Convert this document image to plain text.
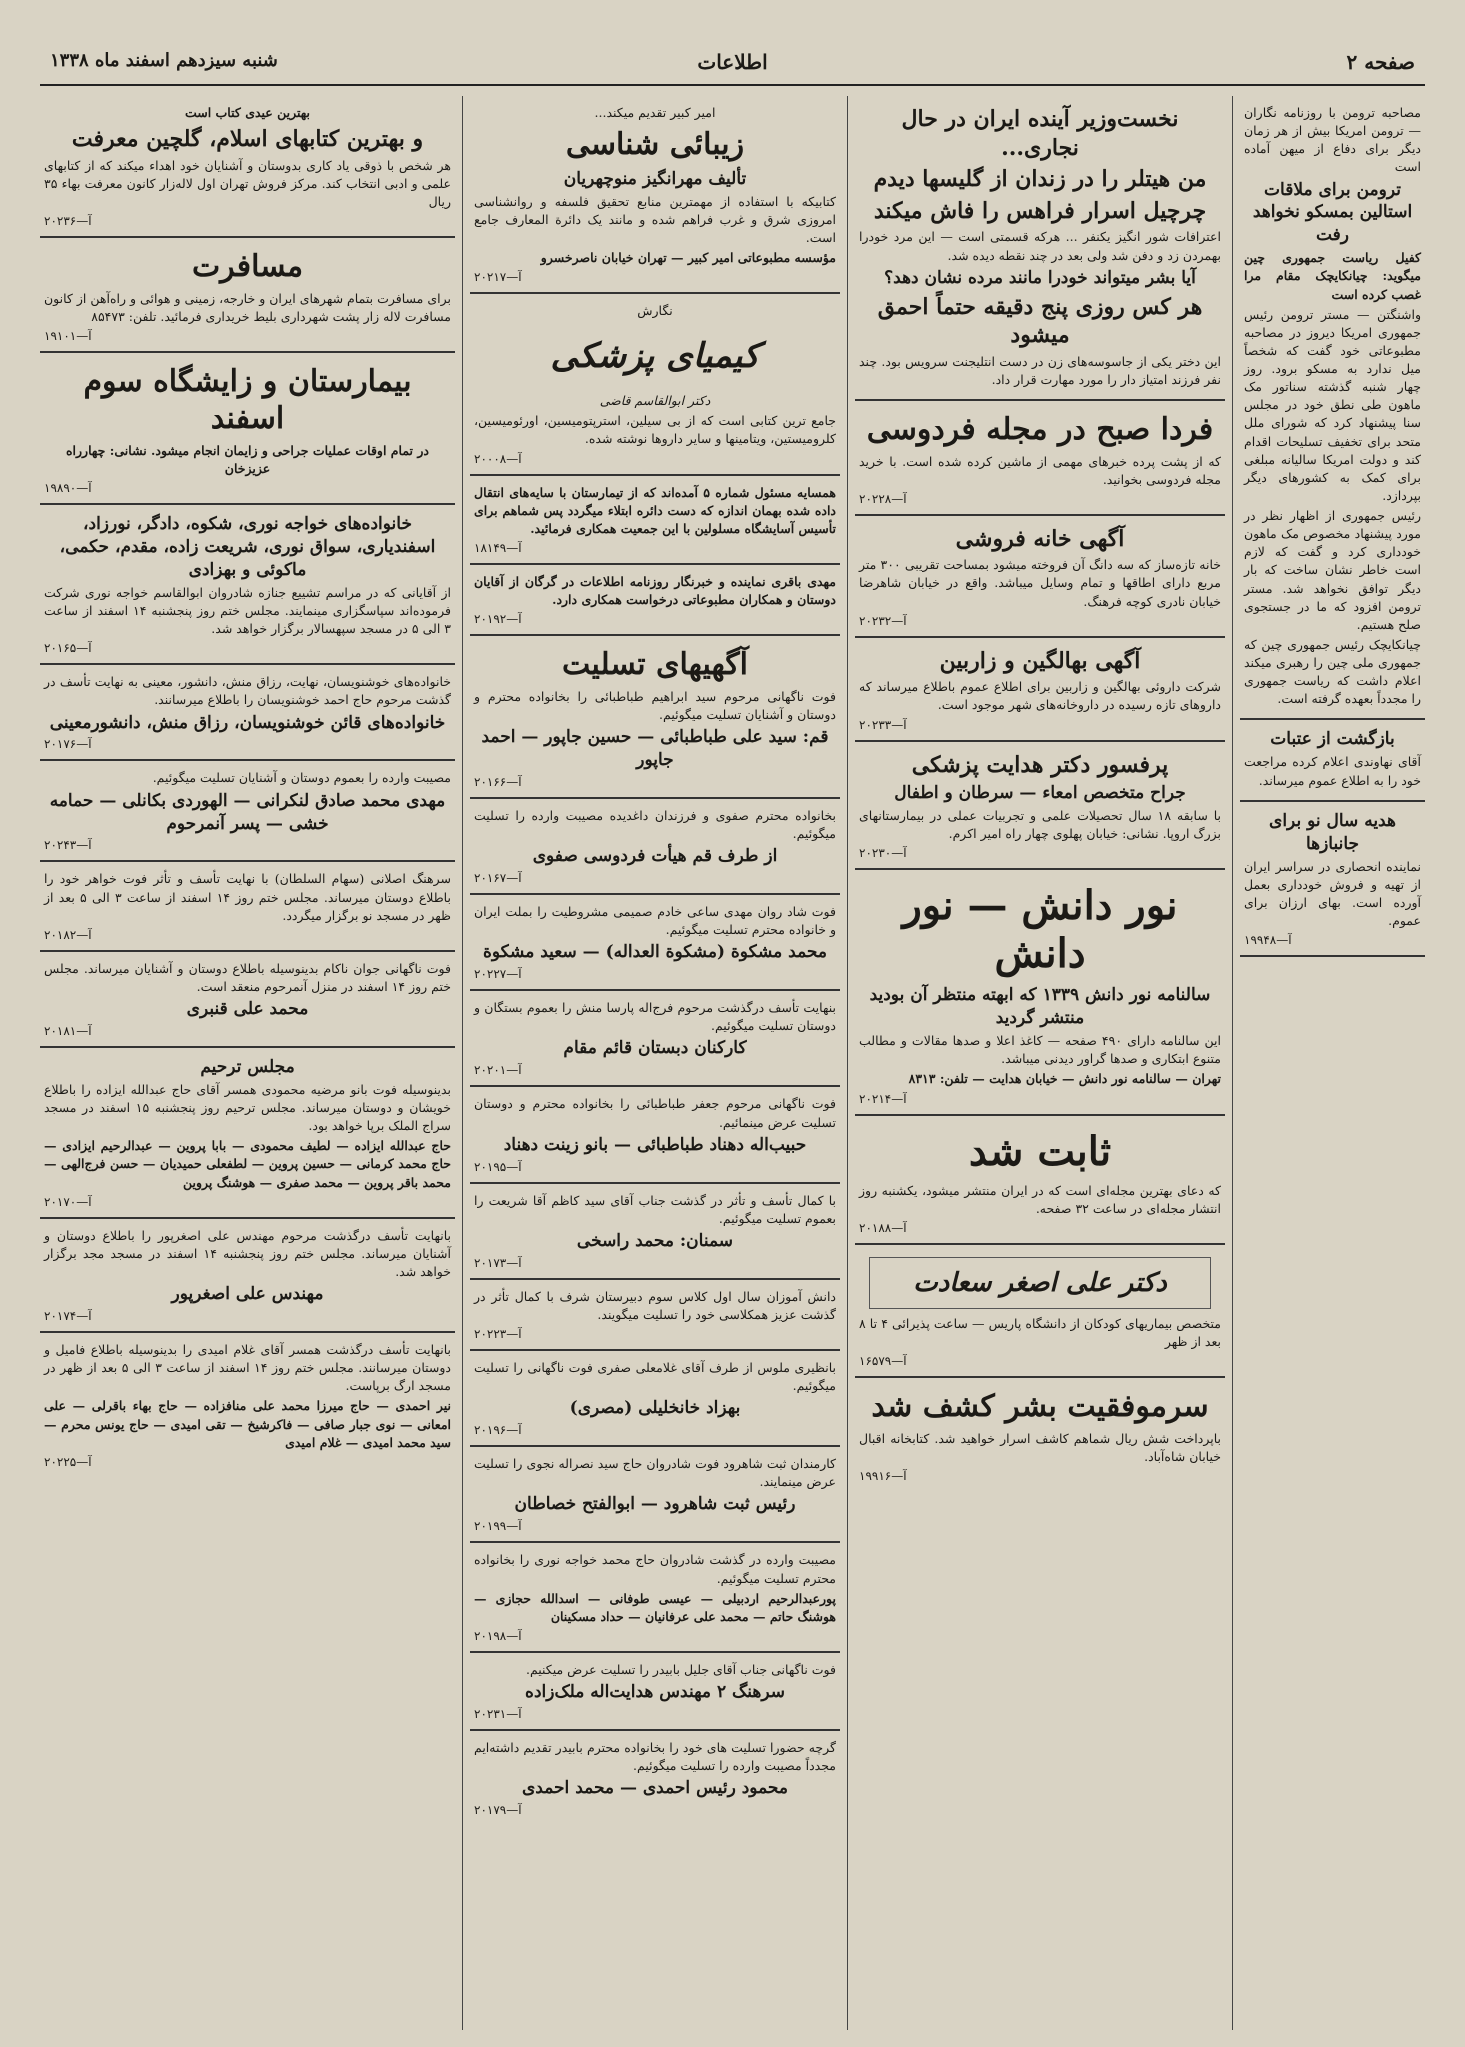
صفحه ۲
اطلاعات
شنبه سیزدهم اسفند ماه ۱۳۳۸
مصاحبه ترومن با روزنامه نگاران — ترومن امریکا بیش از هر زمان دیگر برای دفاع از میهن آماده است
ترومن برای ملاقات استالین بمسکو نخواهد رفت
کفیل ریاست جمهوری چین میگوید: چیانکایچک مقام مرا غصب کرده است
واشنگتن — مستر ترومن رئیس جمهوری امریکا دیروز در مصاحبه مطبوعاتی خود گفت که شخصاً میل ندارد به مسکو برود. روز چهار شنبه گذشته سناتور مک ماهون طی نطق خود در مجلس سنا پیشنهاد کرد که شورای ملل متحد برای تخفیف تسلیحات اقدام کند و دولت امریکا سالیانه مبلغی برای کمک به کشورهای دیگر بپردازد.
رئیس جمهوری از اظهار نظر در مورد پیشنهاد مخصوص مک ماهون خودداری کرد و گفت که لازم است خاطر نشان ساخت که بار دیگر توافق نخواهد شد. مستر ترومن افزود که ما در جستجوی صلح هستیم.
چیانکایچک رئیس جمهوری چین که جمهوری ملی چین را رهبری میکند اعلام داشت که ریاست جمهوری را مجدداً بعهده گرفته است.
بازگشت از عتبات
آقای نهاوندی اعلام کرده مراجعت خود را به اطلاع عموم میرساند.
هدیه سال نو برای جانبازها
نماینده انحصاری در سراسر ایران از تهیه و فروش خودداری بعمل آورده است. بهای ارزان برای عموم.
آ—۱۹۹۴۸
نخست‌وزیر آینده ایران در حال نجاری...
من هیتلر را در زندان از گلیسها دیدم
چرچیل اسرار فراهس را فاش میکند
اعترافات شور انگیز یکنفر ... هرکه قسمتی است — این مرد خودرا بهمردن زد و دفن شد ولی بعد در چند نقطه دیده شد.
آیا بشر میتواند خودرا مانند مرده نشان دهد؟
هر کس روزی پنج دقیقه حتماً احمق میشود
این دختر یکی از جاسوسه‌های زن در دست انتلیجنت سرویس بود. چند نفر فرزند امتیاز دار را مورد مهارت قرار داد.
فردا صبح در مجله فردوسی
که از پشت پرده خبرهای مهمی از ماشین کرده شده است. با خرید مجله فردوسی بخوانید.
آ—۲۰۲۲۸
آگهی خانه فروشی
خانه تازه‌ساز که سه دانگ آن فروخته میشود بمساحت تقریبی ۳۰۰ متر مربع دارای اطاقها و تمام وسایل میباشد. واقع در خیابان شاهرضا خیابان نادری کوچه فرهنگ.
آ—۲۰۲۳۲
آگهی بهالگین و زاربین
شرکت داروئی بهالگین و زاربین برای اطلاع عموم باطلاع میرساند که داروهای تازه رسیده در داروخانه‌های شهر موجود است.
آ—۲۰۲۳۳
پرفسور دکتر هدایت پزشکی
جراح متخصص امعاء — سرطان و اطفال
با سابقه ۱۸ سال تحصیلات علمی و تجربیات عملی در بیمارستانهای بزرگ اروپا. نشانی: خیابان پهلوی چهار راه امیر اکرم.
آ—۲۰۲۳۰
نور دانش — نور دانش
سالنامه نور دانش ۱۳۳۹ که ابهته منتظر آن بودید منتشر گردید
این سالنامه دارای ۴۹۰ صفحه — کاغذ اعلا و صدها مقالات و مطالب متنوع ابتکاری و صدها گراور دیدنی میباشد.
تهران — سالنامه نور دانش — خیابان هدایت — تلفن: ۸۳۱۳
آ—۲۰۲۱۴
ثابت شد
که دعای بهترین مجله‌ای است که در ایران منتشر میشود، یکشنبه روز انتشار مجله‌ای در ساعت ۳۲ صفحه.
آ—۲۰۱۸۸
دکتر علی اصغر سعادت
متخصص بیماریهای کودکان از دانشگاه پاریس — ساعت پذیرائی ۴ تا ۸ بعد از ظهر
آ—۱۶۵۷۹
سرموفقیت بشر کشف شد
باپرداخت شش ریال شماهم کاشف اسرار خواهید شد. کتابخانه اقبال خیابان شاه‌آباد.
آ—۱۹۹۱۶
امیر کبیر تقدیم میکند...
زیبائی شناسی
تألیف مهرانگیز منوچهریان
کتابیکه با استفاده از مهمترین منابع تحقیق فلسفه و روانشناسی امروزی شرق و غرب فراهم شده و مانند یک دائرة المعارف جامع است.
مؤسسه مطبوعاتی امیر کبیر — تهران خیابان ناصرخسرو
آ—۲۰۲۱۷
نگارش
کیمیای پزشکی
دکتر ابوالقاسم قاضی
جامع ترین کتابی است که از بی سیلین، استرپتومیسین، اورئومیسین، کلرومیستین، ویتامینها و سایر داروها نوشته شده.
آ—۲۰۰۰۸
همسایه مسئول شماره ۵ آمده‌اند که از تیمارستان با سایه‌های انتقال داده شده بهمان اندازه که دست دائره ابتلاء میگردد پس شماهم برای تأسیس آسایشگاه مسلولین با این جمعیت همکاری فرمائید.
آ—۱۸۱۴۹
مهدی باقری نماینده و خبرنگار روزنامه اطلاعات در گرگان از آقایان دوستان و همکاران مطبوعاتی درخواست همکاری دارد.
آ—۲۰۱۹۲
آگهیهای تسلیت
فوت ناگهانی مرحوم سید ابراهیم طباطبائی را بخانواده محترم و دوستان و آشنایان تسلیت میگوئیم.
قم: سید علی طباطبائی — حسین جاپور — احمد جاپور
آ—۲۰۱۶۶
بخانواده محترم صفوی و فرزندان داغدیده مصیبت وارده را تسلیت میگوئیم.
از طرف قم هیأت فردوسی صفوی
آ—۲۰۱۶۷
فوت شاد روان مهدی ساعی خادم صمیمی مشروطیت را بملت ایران و خانواده محترم تسلیت میگوئیم.
محمد مشکوة (مشکوة العداله) — سعید مشکوة
آ—۲۰۲۲۷
بنهایت تأسف درگذشت مرحوم فرج‌اله پارسا منش را بعموم بستگان و دوستان تسلیت میگوئیم.
کارکنان دبستان قائم مقام
آ—۲۰۲۰۱
فوت ناگهانی مرحوم جعفر طباطبائی را بخانواده محترم و دوستان تسلیت عرض مینمائیم.
حبیب‌اله دهناد طباطبائی — بانو زینت دهناد
آ—۲۰۱۹۵
با کمال تأسف و تأثر در گذشت جناب آقای سید کاظم آقا شریعت را بعموم تسلیت میگوئیم.
سمنان: محمد راسخی
آ—۲۰۱۷۳
دانش آموزان سال اول کلاس سوم دبیرستان شرف با کمال تأثر در گذشت عزیز همکلاسی خود را تسلیت میگویند.
آ—۲۰۲۲۳
بانظیری ملوس از طرف آقای غلامعلی صفری فوت ناگهانی را تسلیت میگوئیم.
بهزاد خانخلیلی (مصری)
آ—۲۰۱۹۶
کارمندان ثبت شاهرود فوت شادروان حاج سید نصراله نجوی را تسلیت عرض مینمایند.
رئیس ثبت شاهرود — ابوالفتح خصاطان
آ—۲۰۱۹۹
مصیبت وارده در گذشت شادروان حاج محمد خواجه نوری را بخانواده محترم تسلیت میگوئیم.
پورعبدالرحیم اردبیلی — عیسی طوفانی — اسدالله حجازی — هوشنگ حاتم — محمد علی عرفانیان — حداد مسکینان
آ—۲۰۱۹۸
فوت ناگهانی جناب آقای جلیل بابیدر را تسلیت عرض میکنیم.
سرهنگ ۲ مهندس هدایت‌اله ملک‌زاده
آ—۲۰۲۳۱
گرچه حضورا تسلیت های خود را بخانواده محترم بابیدر تقدیم داشته‌ایم مجدداً مصیبت وارده را تسلیت میگوئیم.
محمود رئیس احمدی — محمد احمدی
آ—۲۰۱۷۹
بهترین عیدی کتاب است
و بهترین کتابهای اسلام، گلچین معرفت
هر شخص با ذوقی یاد کاری بدوستان و آشنایان خود اهداء میکند که از کتابهای علمی و ادبی انتخاب کند. مرکز فروش تهران اول لاله‌زار کانون معرفت بهاء ۳۵ ریال
آ—۲۰۲۳۶
مسافرت
برای مسافرت بتمام شهرهای ایران و خارجه، زمینی و هوائی و راه‌آهن از کانون مسافرت لاله زار پشت شهرداری بلیط خریداری فرمائید. تلفن: ۸۵۴۷۳
آ—۱۹۱۰۱
بیمارستان و زایشگاه سوم اسفند
در تمام اوقات عملیات جراحی و زایمان انجام میشود. نشانی: چهارراه عزیزخان
آ—۱۹۸۹۰
خانواده‌های خواجه نوری، شکوه، دادگر، نورزاد، اسفندیاری، سواق نوری، شریعت زاده، مقدم، حکمی، ماکوئی و بهزادی
از آقایانی که در مراسم تشییع جنازه شادروان ابوالقاسم خواجه نوری شرکت فرموده‌اند سپاسگزاری مینمایند. مجلس ختم روز پنجشنبه ۱۴ اسفند از ساعت ۳ الی ۵ در مسجد سپهسالار برگزار خواهد شد.
آ—۲۰۱۶۵
خانواده‌های خوشنویسان، نهایت، رزاق منش، دانشور، معینی به نهایت تأسف در گذشت مرحوم حاج احمد خوشنویسان را باطلاع میرسانند.
خانواده‌های قائن خوشنویسان، رزاق منش، دانشورمعینی
آ—۲۰۱۷۶
مصیبت وارده را بعموم دوستان و آشنایان تسلیت میگوئیم.
مهدی محمد صادق لنکرانی — الهوردی بکانلی — حمامه خشی — پسر آنمرحوم
آ—۲۰۲۴۳
سرهنگ اصلانی (سهام السلطان) با نهایت تأسف و تأثر فوت خواهر خود را باطلاع دوستان میرساند. مجلس ختم روز ۱۴ اسفند از ساعت ۳ الی ۵ بعد از ظهر در مسجد نو برگزار میگردد.
آ—۲۰۱۸۲
فوت ناگهانی جوان ناکام بدینوسیله باطلاع دوستان و آشنایان میرساند. مجلس ختم روز ۱۴ اسفند در منزل آنمرحوم منعقد است.
محمد علی قنبری
آ—۲۰۱۸۱
مجلس ترحیم
بدینوسیله فوت بانو مرضیه محمودی همسر آقای حاج عبدالله ایزاده را باطلاع خویشان و دوستان میرساند. مجلس ترحیم روز پنجشنبه ۱۵ اسفند در مسجد سراج الملک برپا خواهد بود.
حاج عبدالله ایزاده — لطیف محمودی — بابا پروین — عبدالرحیم ایزادی — حاج محمد کرمانی — حسین پروین — لطفعلی حمیدیان — حسن فرج‌الهی — محمد باقر پروین — محمد صفری — هوشنگ پروین
آ—۲۰۱۷۰
بانهایت تأسف درگذشت مرحوم مهندس علی اصغرپور را باطلاع دوستان و آشنایان میرساند. مجلس ختم روز پنجشنبه ۱۴ اسفند در مسجد مجد برگزار خواهد شد.
مهندس علی اصغرپور
آ—۲۰۱۷۴
بانهایت تأسف درگذشت همسر آقای غلام امیدی را بدینوسیله باطلاع فامیل و دوستان میرسانند. مجلس ختم روز ۱۴ اسفند از ساعت ۳ الی ۵ بعد از ظهر در مسجد ارگ برپاست.
نیر احمدی — حاج میرزا محمد علی منافزاده — حاج بهاء باقرلی — علی امعانی — نوی جبار صافی — فاکرشیخ — تقی امیدی — حاج یونس محرم — سید محمد امیدی — غلام امیدی
آ—۲۰۲۲۵
